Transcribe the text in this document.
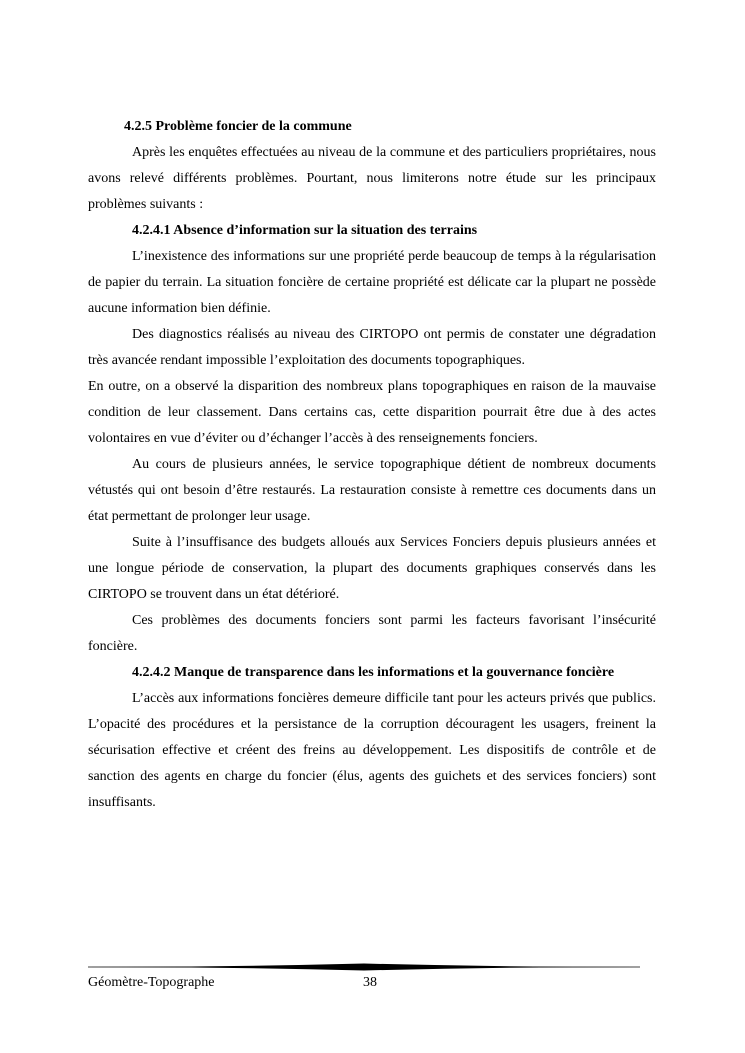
4.2.5 Problème foncier de la commune

Après les enquêtes effectuées au niveau de la commune et des particuliers propriétaires, nous avons relevé différents problèmes. Pourtant, nous limiterons notre étude sur les principaux problèmes suivants :

4.2.4.1 Absence d’information sur la situation des terrains

L’inexistence des informations sur une propriété perde beaucoup de temps à la régularisation de papier du terrain. La situation foncière de certaine propriété est délicate car la plupart ne possède aucune information bien définie.

Des diagnostics réalisés au niveau des CIRTOPO ont permis de constater une dégradation très avancée rendant impossible l’exploitation des documents topographiques.

En outre, on a observé la disparition des nombreux plans topographiques en raison de la mauvaise condition de leur classement. Dans certains cas, cette disparition pourrait être due à des actes volontaires en vue d’éviter ou d’échanger l’accès à des renseignements fonciers.

Au cours de plusieurs années, le service topographique détient de nombreux documents vétustés qui ont besoin d’être restaurés. La restauration consiste à remettre ces documents dans un état permettant de prolonger leur usage.

Suite à l’insuffisance des budgets alloués aux Services Fonciers depuis plusieurs années et une longue période de conservation, la plupart des documents graphiques conservés dans les CIRTOPO se trouvent dans un état détérioré.

Ces problèmes des documents fonciers sont parmi les facteurs favorisant l’insécurité foncière.

4.2.4.2 Manque de transparence dans les informations et la gouvernance foncière

L’accès aux informations foncières demeure difficile tant pour les acteurs privés que publics. L’opacité des procédures et la persistance de la corruption découragent les usagers, freinent la sécurisation effective et créent des freins au développement. Les dispositifs de contrôle et de sanction des agents en charge du foncier (élus, agents des guichets et des services fonciers) sont insuffisants.

Géomètre-Topographe	38
